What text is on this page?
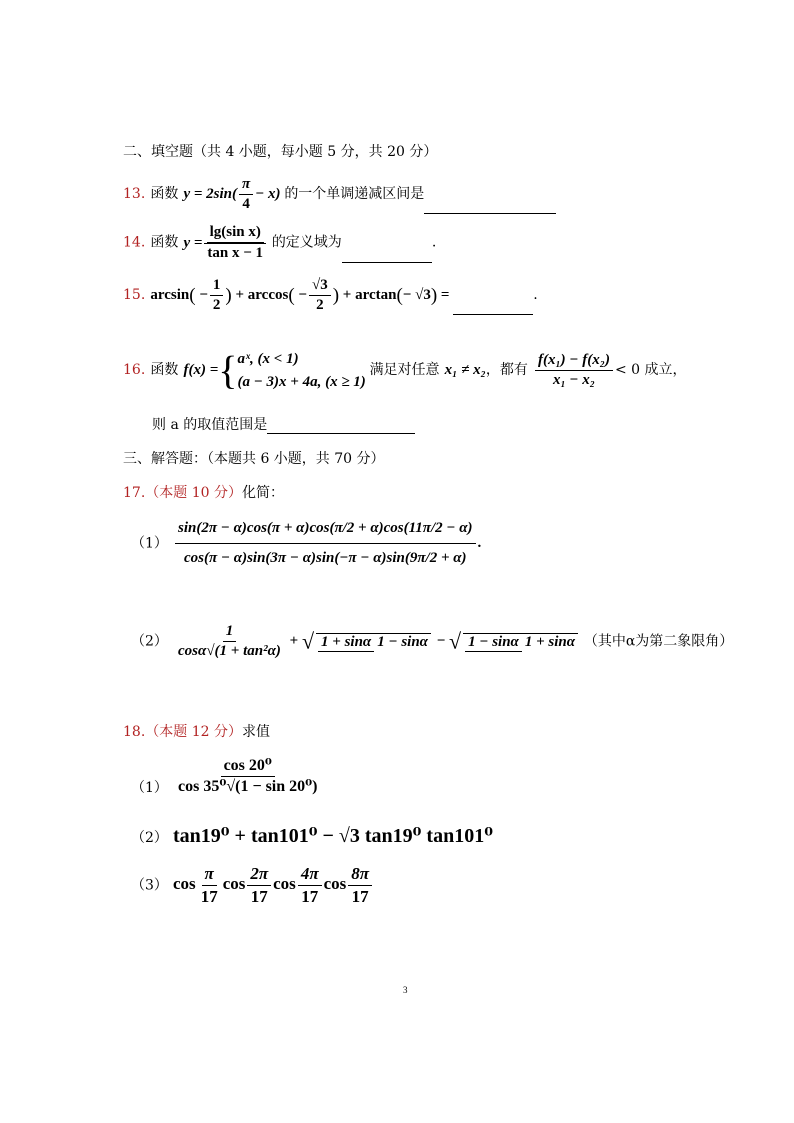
二、填空题（共 4 小题，每小题 5 分，共 20 分）
13. 函数 $y = 2\sin( \frac{\pi}{4} - x)$ 的一个单调递减区间是
14. 函数 $y = \frac{\text{lg(sin x)}}{\text{tan x − 1}}$ 的定义域为	.
15. $\arcsin( - \frac{1}{2}$ ) + $\arccos( - \frac{√3}{2}$ ) + arctan(− √3) =	.
16. 函数 f(x) ={ aˣ, (x < 1)
(a − 3)x + 4a, (x ≥ 1)
满足对任意 x₁ ≠ x₂，都有 $\frac{\text{f(x₁) − f(x₂)}}{\text{x₁ − x₂}} < 0$ 成立，
则 a 的取值范围是
三、解答题：（本题共 6 小题，共 70 分）
17.（本题 10 分）化简：
$(1) \frac{\sin(2\pi - \alpha)\cos(\pi + \alpha)\cos(\pi/2 + \alpha)\cos(11\pi/2 - \alpha)}{\cos(\pi - \alpha)\sin(3\pi - \alpha)\sin(-\pi - \alpha)\sin(9\pi/2 + \alpha)}$ .
$(2) \frac{1}{\text{cosα√(1 + tan²α)}}$ + √ 1 + sinα 1 − sinα − √ 1 − sinα 1 + sinα （其中α为第二象限角）
18.（本题 12 分）求值
$(1) \frac{\text{cos 20⁰}}{\text{cos 35⁰√(1 − sin 20⁰)}}$
（2） tan19⁰ + tan101⁰ − √3 tan19⁰ tan101⁰
（3） $\cos \frac{\pi}{17}$ $\cos \frac{2\pi}{17}$ $\cos \frac{4\pi}{17}$ $\cos \frac{8\pi}{17}$
3
